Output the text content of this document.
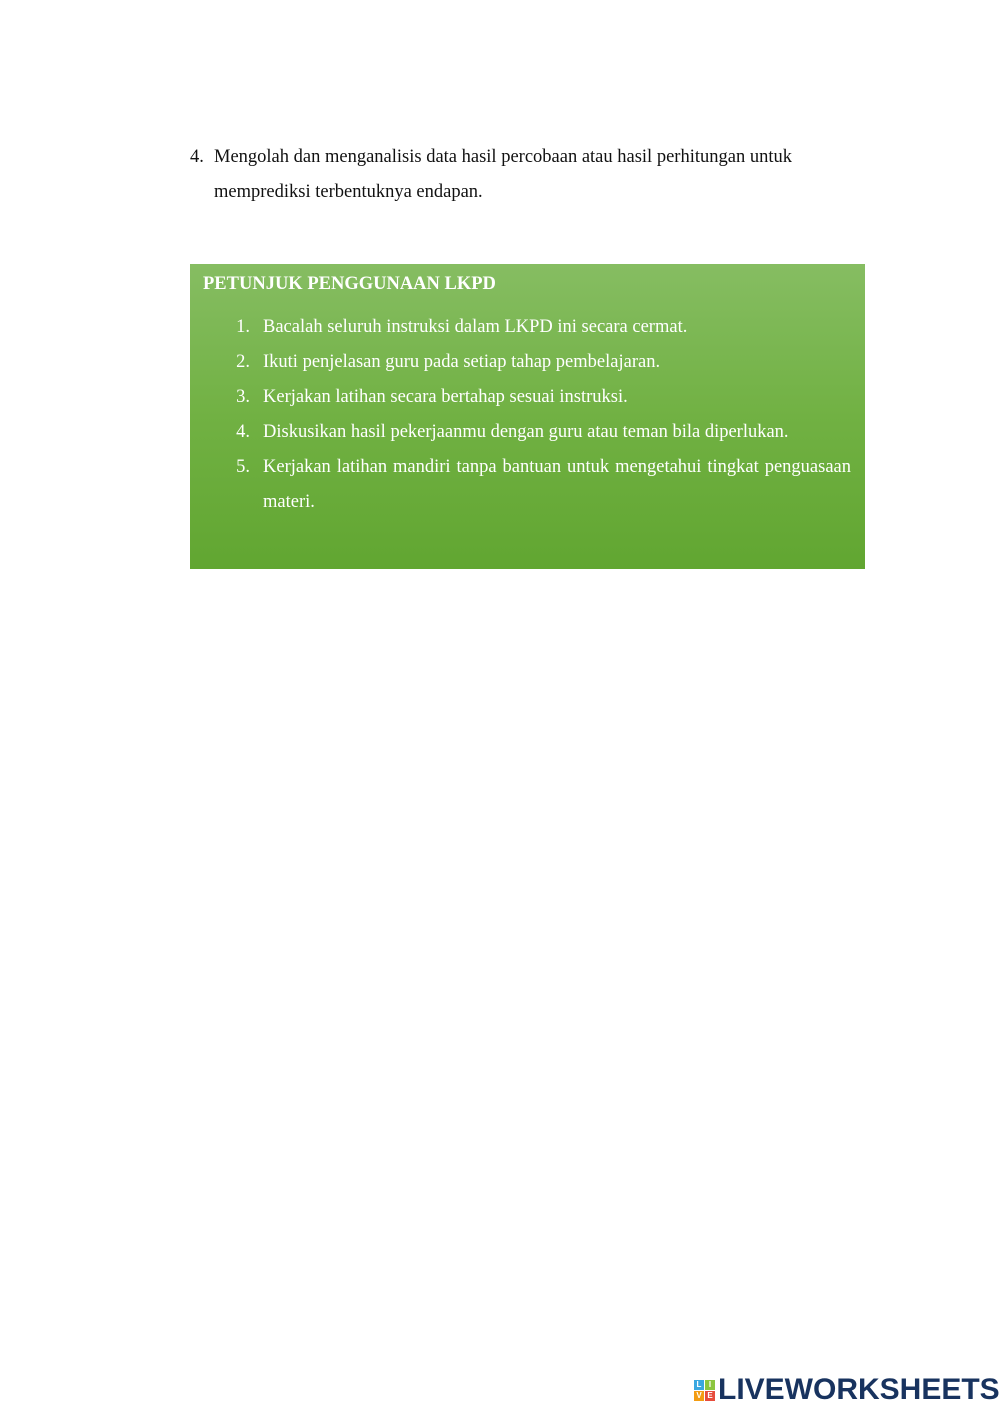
4. Mengolah dan menganalisis data hasil percobaan atau hasil perhitungan untuk memprediksi terbentuknya endapan.
PETUNJUK PENGGUNAAN LKPD
1. Bacalah seluruh instruksi dalam LKPD ini secara cermat.
2. Ikuti penjelasan guru pada setiap tahap pembelajaran.
3. Kerjakan latihan secara bertahap sesuai instruksi.
4. Diskusikan hasil pekerjaanmu dengan guru atau teman bila diperlukan.
5. Kerjakan latihan mandiri tanpa bantuan untuk mengetahui tingkat penguasaan materi.
L I
V E LIVEWORKSHEETS
